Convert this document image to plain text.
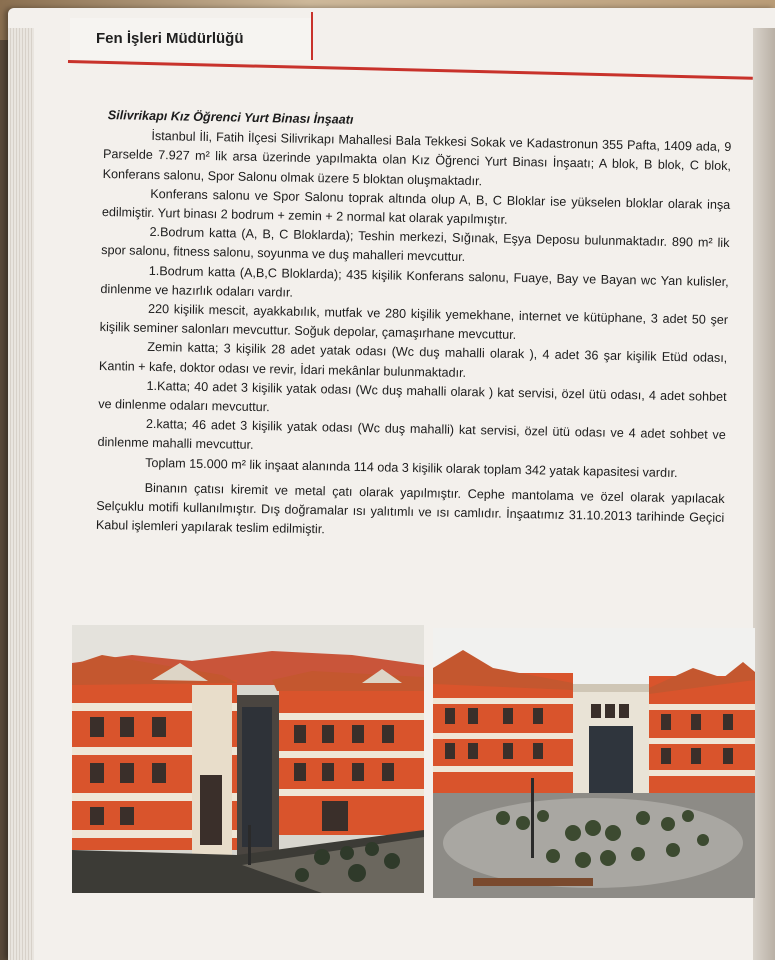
Fen İşleri Müdürlüğü
Silivrikapı Kız Öğrenci Yurt Binası İnşaatı

İstanbul İli, Fatih İlçesi Silivrikapı Mahallesi Bala Tekkesi Sokak ve Kadastronun 355 Pafta, 1409 ada, 9 Parselde 7.927 m² lik arsa üzerinde yapılmakta olan Kız Öğrenci Yurt Binası İnşaatı; A blok, B blok, C blok, Konferans salonu, Spor Salonu olmak üzere 5 bloktan oluşmaktadır.

Konferans salonu ve Spor Salonu toprak altında olup A, B, C Bloklar ise yükselen bloklar olarak inşa edilmiştir. Yurt binası 2 bodrum + zemin + 2 normal kat olarak yapılmıştır.

2.Bodrum katta (A, B, C Bloklarda); Teshin merkezi, Sığınak, Eşya Deposu bulunmaktadır. 890 m² lik spor salonu, fitness salonu, soyunma ve duş mahalleri mevcuttur.

1.Bodrum katta (A,B,C Bloklarda); 435 kişilik Konferans salonu, Fuaye, Bay ve Bayan wc Yan kulisler, dinlenme ve hazırlık odaları vardır.

220 kişilik mescit, ayakkabılık, mutfak ve 280 kişilik yemekhane, internet ve kütüphane, 3 adet 50 şer kişilik seminer salonları mevcuttur. Soğuk depolar, çamaşırhane mevcuttur.

Zemin katta; 3 kişilik 28 adet yatak odası (Wc duş mahalli olarak ), 4 adet 36 şar kişilik Etüd odası, Kantin + kafe, doktor odası ve revir, İdari mekânlar bulunmaktadır.

1.Katta; 40 adet 3 kişilik yatak odası (Wc duş mahalli olarak ) kat servisi, özel ütü odası, 4 adet sohbet ve dinlenme odaları mevcuttur.

2.katta; 46 adet 3 kişilik yatak odası (Wc duş mahalli) kat servisi, özel ütü odası ve 4 adet sohbet ve dinlenme mahalli mevcuttur.

Toplam 15.000 m² lik inşaat alanında 114 oda 3 kişilik olarak toplam 342 yatak kapasitesi vardır.

Binanın çatısı kiremit ve metal çatı olarak yapılmıştır. Cephe mantolama ve özel olarak yapılacak Selçuklu motifi kullanılmıştır. Dış doğramalar ısı yalıtımlı ve ısı camlıdır. İnşaatımız 31.10.2013 tarihinde Geçici Kabul işlemleri yapılarak teslim edilmiştir.
